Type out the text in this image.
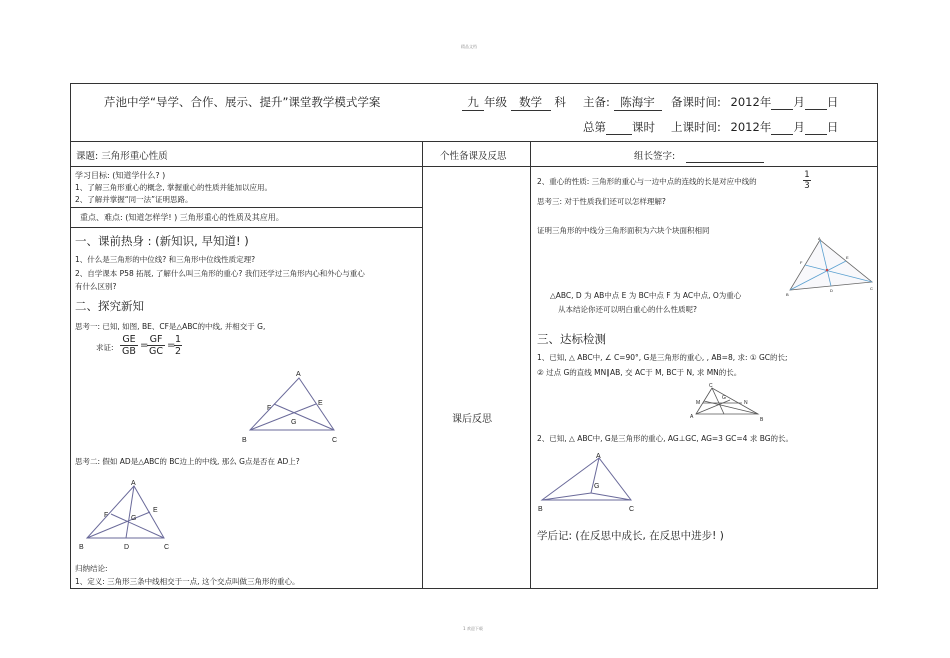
精品文档
1 欢迎下载
芹池中学“导学、合作、展示、提升”课堂教学模式学案	九 年级 数学 科 主备: 陈海宇	备课时间: 2012年 月 日
总第 课时 上课时间: 2012年 月 日
课题: 三角形重心性质	个性备课及反思	组长签字:
学习目标: (知道学什么? )
1、了解三角形重心的概念, 掌握重心的性质并能加以应用。
2、了解并掌握“同一法”证明思路。
重点、难点: (知道怎样学! ) 三角形重心的性质及其应用。
一、课前热身 : (新知识, 早知道! )
1、什么是三角形的中位线? 和三角形中位线性质定理?
2、自学课本 P58 拓展, 了解什么叫三角形的重心? 我们还学过三角形内心和外心与重心
有什么区别?
二、探究新知
思考一: 已知, 如图, BE、CF是△ABC的中线, 并相交于 G,
求证: $\frac{GE}{GB}$ =
$\frac{GF}{GC}$ =
$\frac{1}{2}$
A
B	C
E
F
G
思考二: 假如 AD是△ABC的 BC边上的中线, 那么 G点是否在 AD上?
A
B	C
D
E
F	G
归纳结论:
1、定义: 三角形三条中线相交于一点, 这个交点叫做三角形的重心。
课后反思
2、重心的性质: 三角形的重心与一边中点的连线的长是对应中线的	$\frac{1}{3}$
思考三: 对于性质我们还可以怎样理解?
证明三角形的中线分三角形面积为六块个块面积相同
A
B
C
D
E
F
△ABC, D 为 AB中点 E 为 BC中点 F 为 AC中点, O为重心
从本结论你还可以明白重心的什么性质呢?
三、达标检测
1、已知, △ ABC中, ∠ C=90°, G是三角形的重心, , AB=8, 求: ① GC的长;
② 过点 G的直线 MN∥AB, 交 AC于 M, BC于 N, 求 MN的长。
C
A	B
M	N
G
2、已知, △ ABC中, G是三角形的重心, AG⊥GC, AG=3 GC=4 求 BG的长。
A
B	C
G
学后记: (在反思中成长, 在反思中进步! )
